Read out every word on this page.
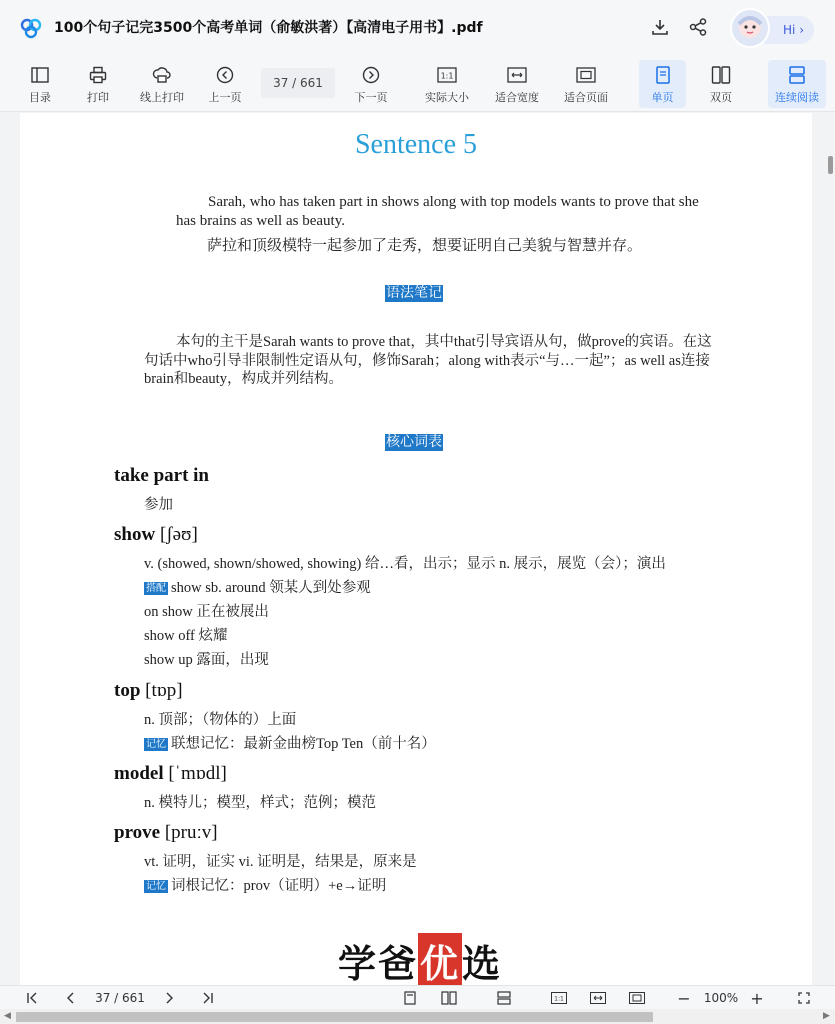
100个句子记完3500个高考单词（俞敏洪著）【高清电子用书】.pdf	Hi ›
目录	打印	线上打印 上一页	下一页
1:1
实际大小 适合宽度 适合页面	单页	双页	连续阅读
37 / 661
Sentence 5
Sarah, who has taken part in shows along with top models wants to prove that she has brains as well as beauty.
萨拉和顶级模特一起参加了走秀，想要证明自己美貌与智慧并存。
语法笔记
本句的主干是Sarah wants to prove that，其中that引导宾语从句，做prove的宾语。在这句话中who引导非限制性定语从句，修饰Sarah；along with表示“与…一起”；as well as连接brain和beauty，构成并列结构。
核心词表
take part in
参加
show [ʃəʊ]
v. (showed, shown/showed, showing) 给…看，出示；显示 n. 展示，展览（会）；演出
搭配 show sb. around 领某人到处参观
on show 正在被展出
show off 炫耀
show up 露面，出现
top [tɒp]
n. 顶部；（物体的）上面
记忆 联想记忆：最新金曲榜Top Ten（前十名）
model [ˈmɒdl]
n. 模特儿；模型，样式；范例；模范
prove [pruːv]
vt. 证明，证实 vi. 证明是，结果是，原来是
记忆 词根记忆：prov（证明）+e→证明
学爸 优 选
37 / 661	1:1	−	100% +
◀	▶
